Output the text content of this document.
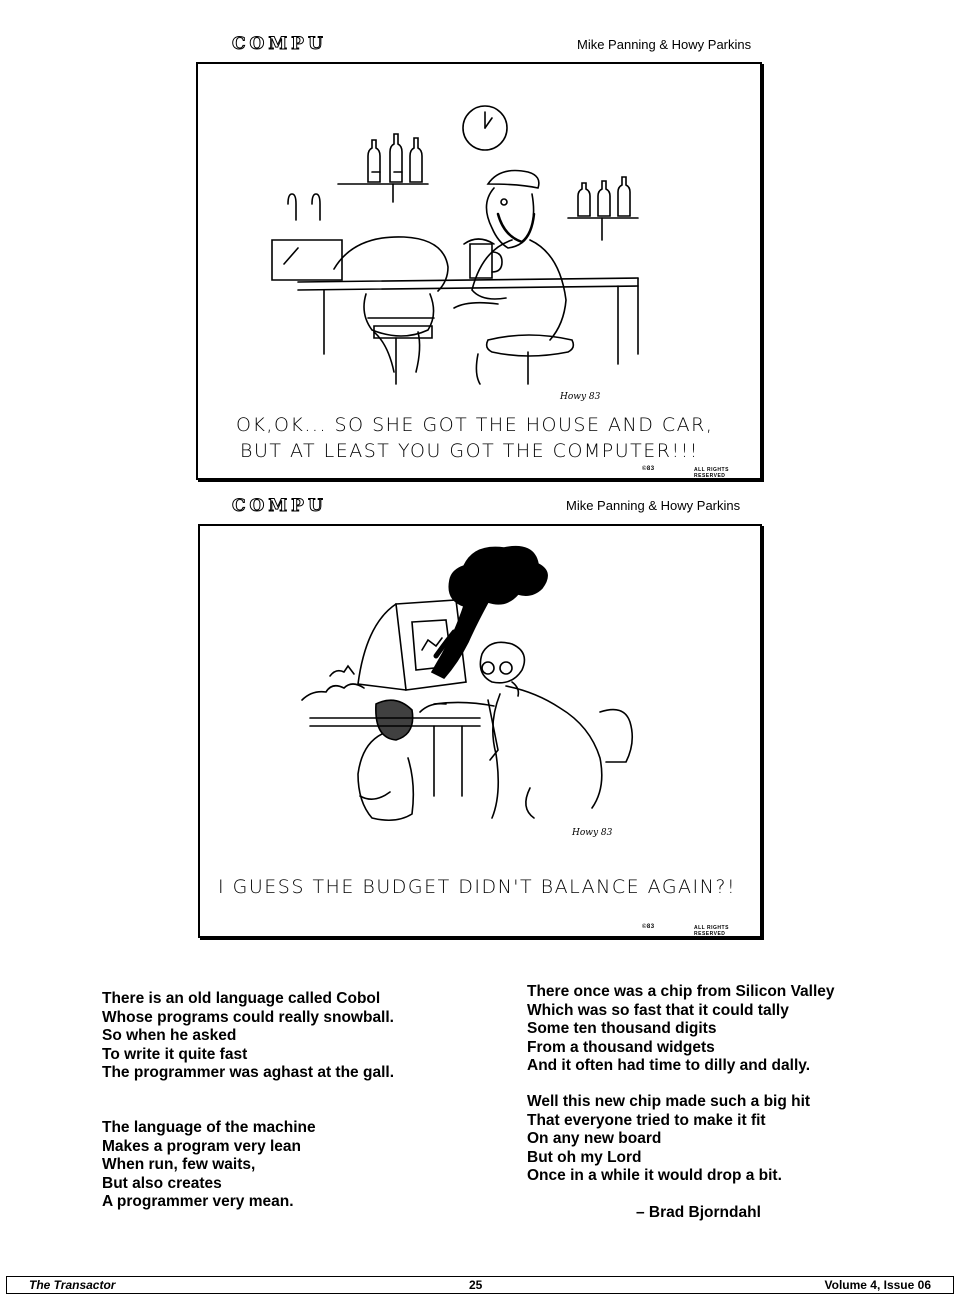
COMPU	Mike Panning & Howy Parkins
Howy 83
OK,OK... SO SHE GOT THE HOUSE AND CAR,
BUT AT LEAST YOU GOT THE COMPUTER!!!
©83	ALL RIGHTS RESERVED
COMPU	Mike Panning & Howy Parkins
Howy 83
I GUESS THE BUDGET DIDN'T BALANCE AGAIN?!
©83	ALL RIGHTS RESERVED
There is an old language called Cobol
Whose programs could really snowball.
So when he asked
To write it quite fast
The programmer was aghast at the gall.
The language of the machine
Makes a program very lean
When run, few waits,
But also creates
A programmer very mean.
There once was a chip from Silicon Valley
Which was so fast that it could tally
Some ten thousand digits
From a thousand widgets
And it often had time to dilly and dally.
Well this new chip made such a big hit
That everyone tried to make it fit
On any new board
But oh my Lord
Once in a while it would drop a bit.
– Brad Bjorndahl
The Transactor	25	Volume 4, Issue 06
